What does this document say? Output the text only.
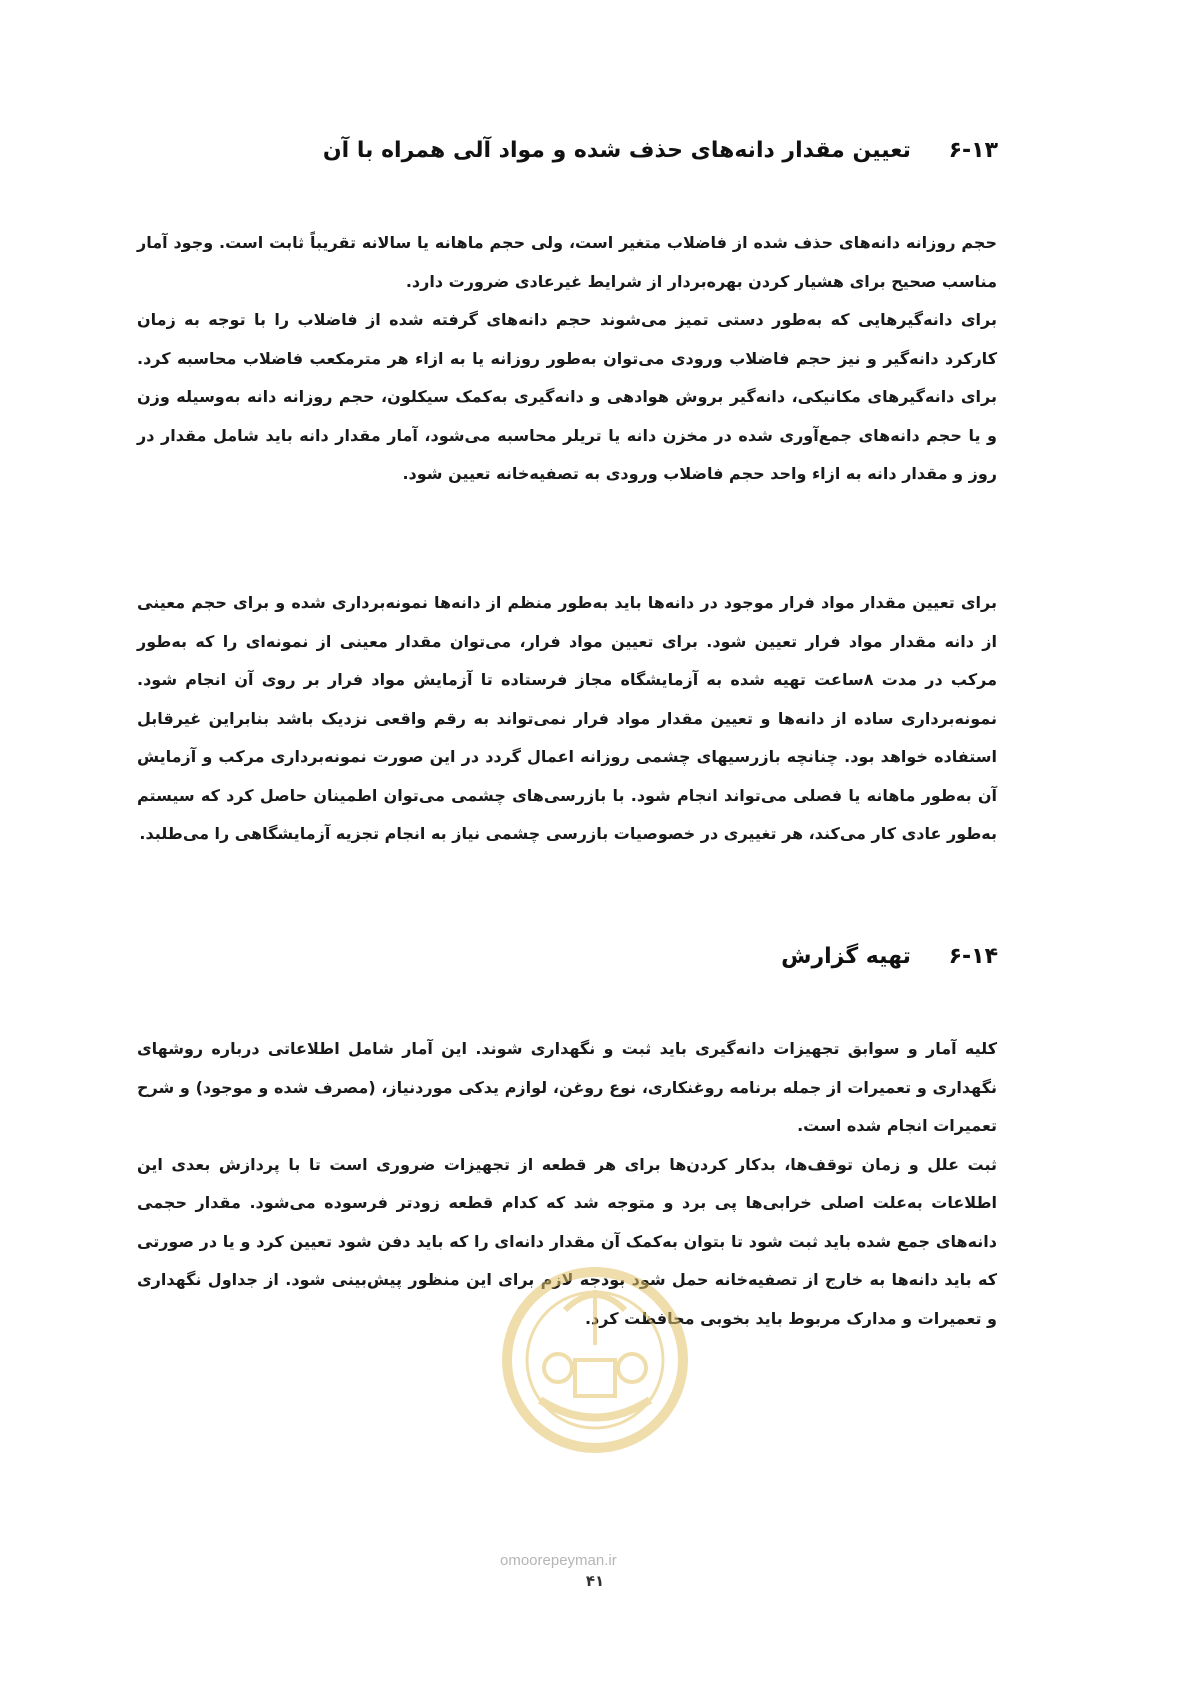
۶-۱۳ تعیین مقدار دانه‌های حذف شده و مواد آلی همراه با آن

حجم روزانه دانه‌های حذف شده از فاضلاب متغیر است، ولی حجم ماهانه یا سالانه تقریباً ثابت است. وجود آمار مناسب صحیح برای هشیار کردن بهره‌بردار از شرایط غیرعادی ضرورت دارد.

برای دانه‌گیرهایی که به‌طور دستی تمیز می‌شوند حجم دانه‌های گرفته شده از فاضلاب را با توجه به زمان کارکرد دانه‌گیر و نیز حجم فاضلاب ورودی می‌توان به‌طور روزانه یا به ازاء هر مترمکعب فاضلاب محاسبه کرد. برای دانه‌گیرهای مکانیکی، دانه‌گیر بروش هوادهی و دانه‌گیری به‌کمک سیکلون، حجم روزانه دانه به‌وسیله وزن و یا حجم دانه‌های جمع‌آوری شده در مخزن دانه یا تریلر محاسبه می‌شود، آمار مقدار دانه باید شامل مقدار در روز و مقدار دانه به ازاء واحد حجم فاضلاب ورودی به تصفیه‌خانه تعیین شود.

برای تعیین مقدار مواد فرار موجود در دانه‌ها باید به‌طور منظم از دانه‌ها نمونه‌برداری شده و برای حجم معینی از دانه مقدار مواد فرار تعیین شود. برای تعیین مواد فرار، می‌توان مقدار معینی از نمونه‌ای را که به‌طور مرکب در مدت ۸ساعت تهیه شده به آزمایشگاه مجاز فرستاده تا آزمایش مواد فرار بر روی آن انجام شود. نمونه‌برداری ساده از دانه‌ها و تعیین مقدار مواد فرار نمی‌تواند به رقم واقعی نزدیک باشد بنابراین غیرقابل استفاده خواهد بود. چنانچه بازرسیهای چشمی روزانه اعمال گردد در این صورت نمونه‌برداری مرکب و آزمایش آن به‌طور ماهانه یا فصلی می‌تواند انجام شود. با بازرسی‌های چشمی می‌توان اطمینان حاصل کرد که سیستم به‌طور عادی کار می‌کند، هر تغییری در خصوصیات بازرسی چشمی نیاز به انجام تجزیه آزمایشگاهی را می‌طلبد.

۶-۱۴ تهیه گزارش

کلیه آمار و سوابق تجهیزات دانه‌گیری باید ثبت و نگهداری شوند. این آمار شامل اطلاعاتی درباره روشهای نگهداری و تعمیرات از جمله برنامه روغنکاری، نوع روغن، لوازم یدکی موردنیاز، (مصرف شده و موجود) و شرح تعمیرات انجام شده است.

ثبت علل و زمان توقف‌ها، بدکار کردن‌ها برای هر قطعه از تجهیزات ضروری است تا با پردازش بعدی این اطلاعات به‌علت اصلی خرابی‌ها پی برد و متوجه شد که کدام قطعه زودتر فرسوده می‌شود. مقدار حجمی دانه‌های جمع شده باید ثبت شود تا بتوان به‌کمک آن مقدار دانه‌ای را که باید دفن شود تعیین کرد و یا در صورتی که باید دانه‌ها به خارج از تصفیه‌خانه حمل شود بودجه لازم برای این منظور پیش‌بینی شود. از جداول نگهداری و تعمیرات و مدارک مربوط باید بخوبی محافظت کرد.

omoorepeyman.ir
۴۱
